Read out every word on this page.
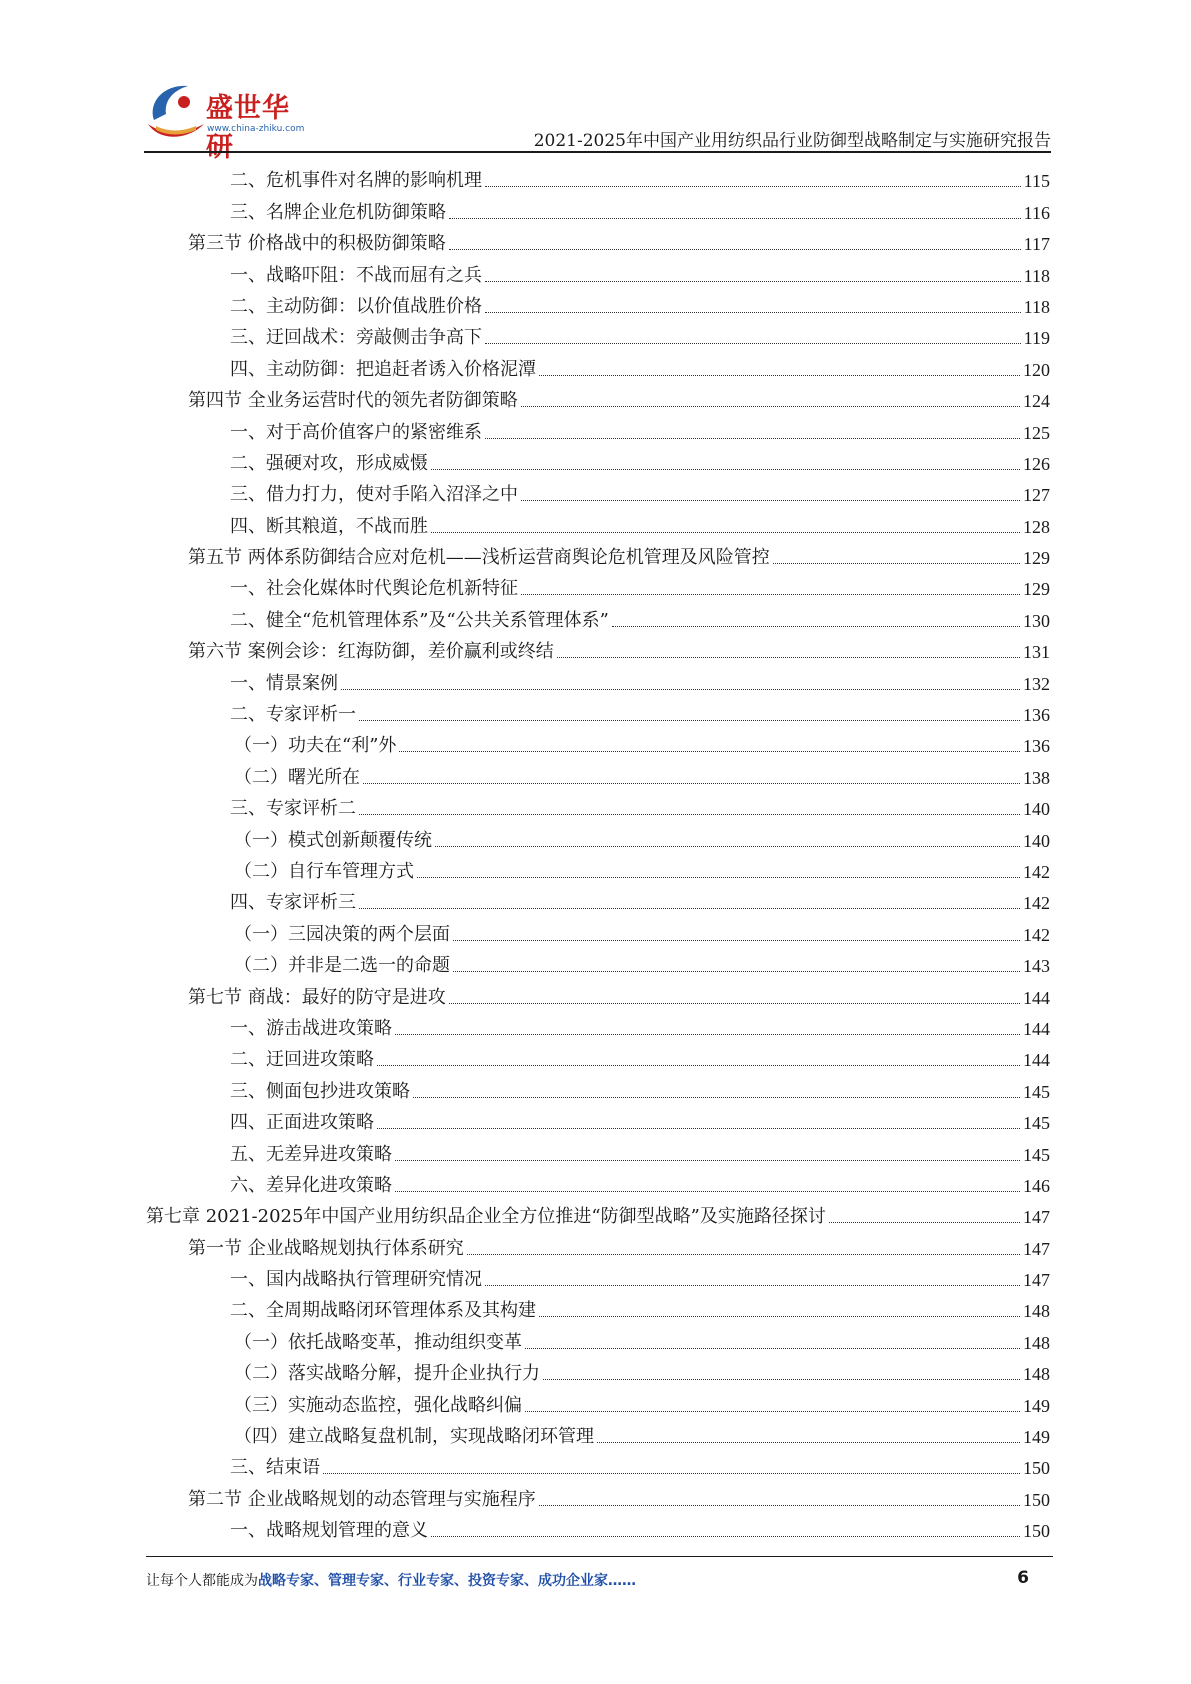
盛世华研
www.china-zhiku.com
2021-2025年中国产业用纺织品行业防御型战略制定与实施研究报告
二、危机事件对名牌的影响机理	115
三、名牌企业危机防御策略	116
第三节 价格战中的积极防御策略	117
一、战略吓阻：不战而屈有之兵	118
二、主动防御：以价值战胜价格	118
三、迂回战术：旁敲侧击争高下	119
四、主动防御：把追赶者诱入价格泥潭	120
第四节 全业务运营时代的领先者防御策略	124
一、对于高价值客户的紧密维系	125
二、强硬对攻，形成威慑	126
三、借力打力，使对手陷入沼泽之中	127
四、断其粮道，不战而胜	128
第五节 两体系防御结合应对危机——浅析运营商舆论危机管理及风险管控	129
一、社会化媒体时代舆论危机新特征	129
二、健全“危机管理体系”及“公共关系管理体系”	130
第六节 案例会诊：红海防御，差价赢利或终结	131
一、情景案例	132
二、专家评析一	136
（一）功夫在“利”外	136
（二）曙光所在	138
三、专家评析二	140
（一）模式创新颠覆传统	140
（二）自行车管理方式	142
四、专家评析三	142
（一）三园决策的两个层面	142
（二）并非是二选一的命题	143
第七节 商战：最好的防守是进攻	144
一、游击战进攻策略	144
二、迂回进攻策略	144
三、侧面包抄进攻策略	145
四、正面进攻策略	145
五、无差异进攻策略	145
六、差异化进攻策略	146
第七章 2021-2025年中国产业用纺织品企业全方位推进“防御型战略”及实施路径探讨	147
第一节 企业战略规划执行体系研究	147
一、国内战略执行管理研究情况	147
二、全周期战略闭环管理体系及其构建	148
（一）依托战略变革，推动组织变革	148
（二）落实战略分解，提升企业执行力	148
（三）实施动态监控，强化战略纠偏	149
（四）建立战略复盘机制，实现战略闭环管理	149
三、结束语	150
第二节 企业战略规划的动态管理与实施程序	150
一、战略规划管理的意义	150
让每个人都能成为战略专家、管理专家、行业专家、投资专家、成功企业家……	6
